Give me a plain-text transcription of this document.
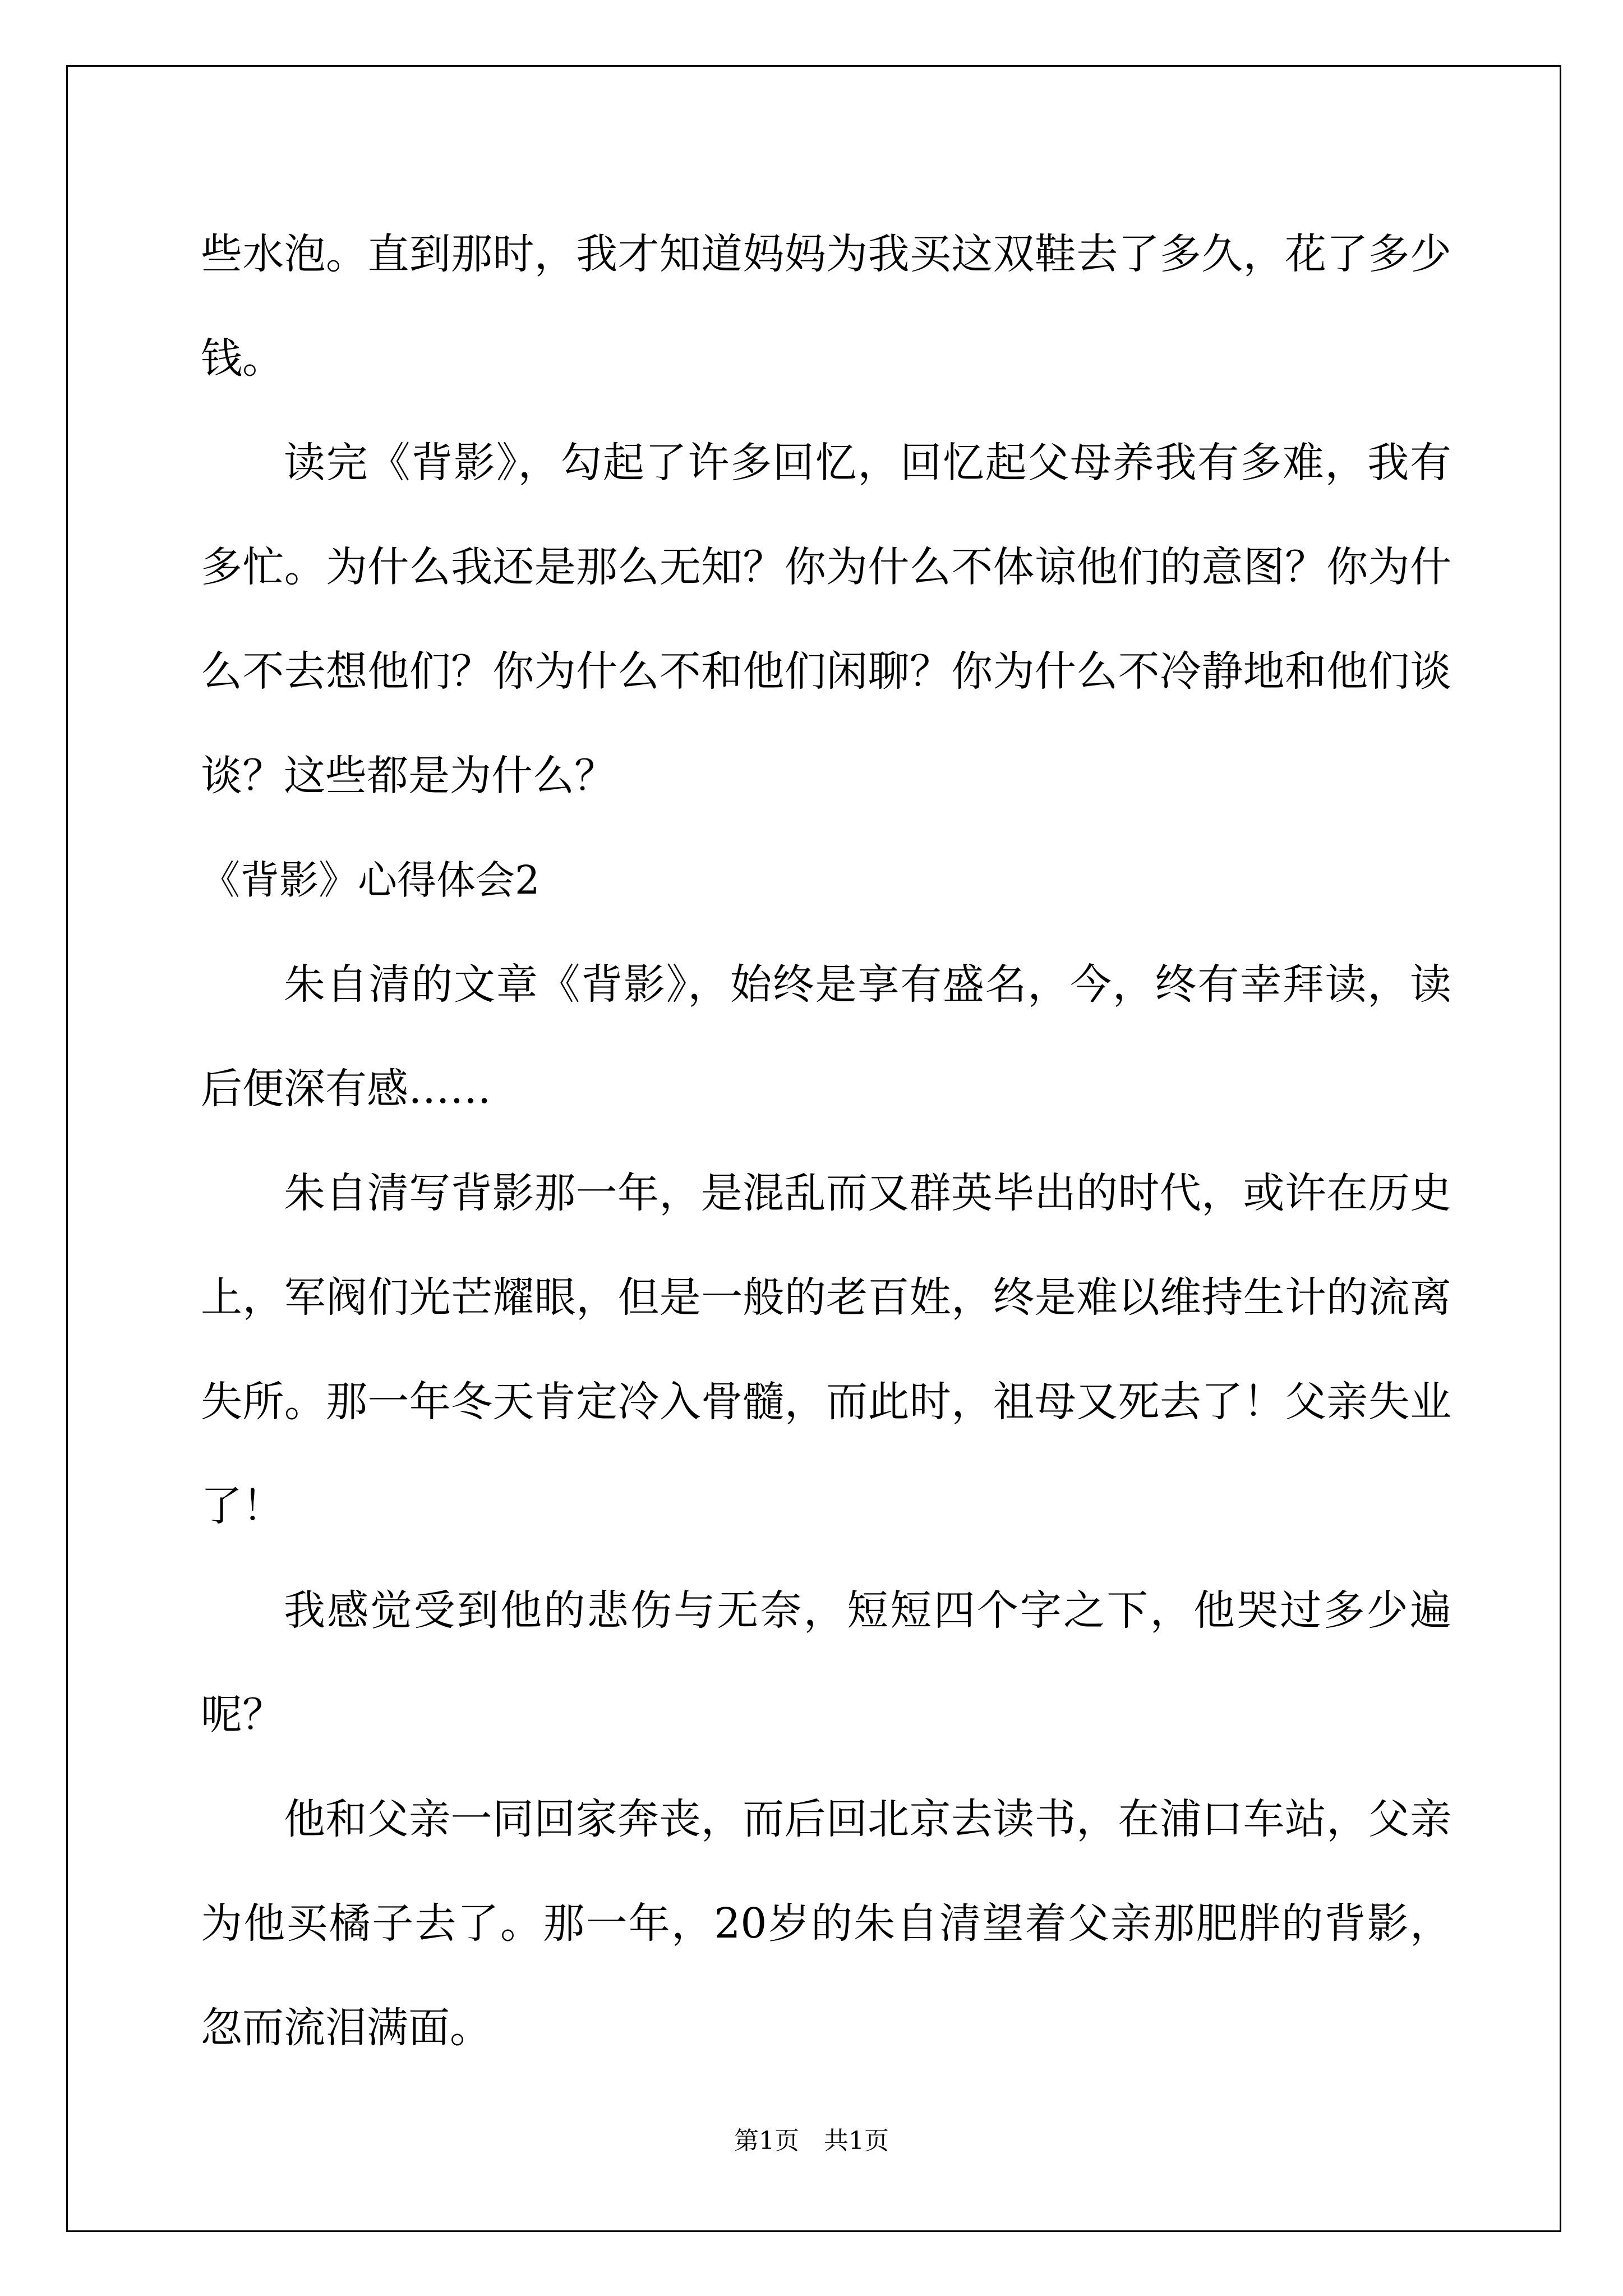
些水泡。直到那时，我才知道妈妈为我买这双鞋去了多久，花了多少钱。

读完《背影》，勾起了许多回忆，回忆起父母养我有多难，我有多忙。为什么我还是那么无知？你为什么不体谅他们的意图？你为什么不去想他们？你为什么不和他们闲聊？你为什么不冷静地和他们谈谈？这些都是为什么？

《背影》心得体会2

朱自清的文章《背影》，始终是享有盛名，今，终有幸拜读，读后便深有感……

朱自清写背影那一年，是混乱而又群英毕出的时代，或许在历史上，军阀们光芒耀眼，但是一般的老百姓，终是难以维持生计的流离失所。那一年冬天肯定冷入骨髓，而此时，祖母又死去了！父亲失业了！

我感觉受到他的悲伤与无奈，短短四个字之下，他哭过多少遍呢？

他和父亲一同回家奔丧，而后回北京去读书，在浦口车站，父亲为他买橘子去了。那一年，20岁的朱自清望着父亲那肥胖的背影，忽而流泪满面。

第1页　共1页
